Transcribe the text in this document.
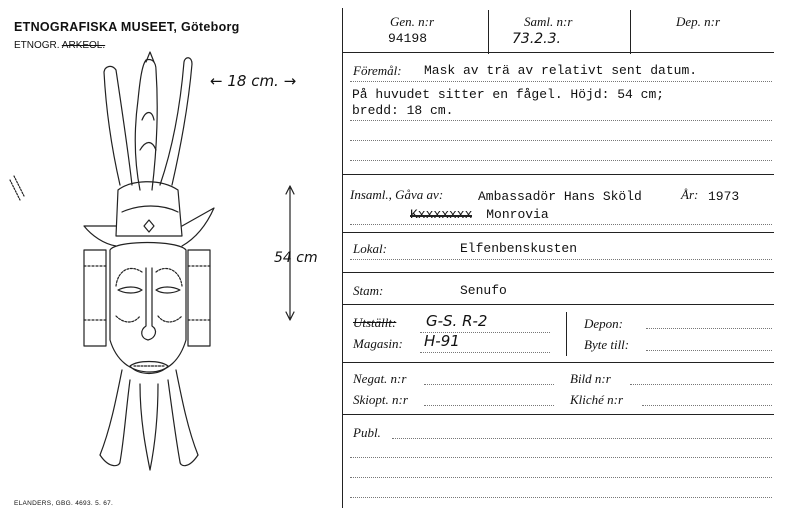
ETNOGRAFISKA MUSEET, Göteborg
ETNOGR. ARKEOL.
← 18 cm. →
54 cm
ELANDERS, GBG. 4693. 5. 67.
Gen. n:r
94198
Saml. n:r
73.2.3.
Dep. n:r
Föremål: Mask av trä av relativt sent datum.
På huvudet sitter en fågel. Höjd: 54 cm;
bredd: 18 cm.
Insaml., Gåva av:	Ambassadör Hans Sköld	År: 1973
Kxxxxxxx Monrovia
Lokal:	Elfenbenskusten
Stam:	Senufo
Utställt: G-S. R-2
Magasin: H-91
Depon:
Byte till:
Negat. n:r	Bild n:r
Skiopt. n:r	Kliché n:r
Publ.
